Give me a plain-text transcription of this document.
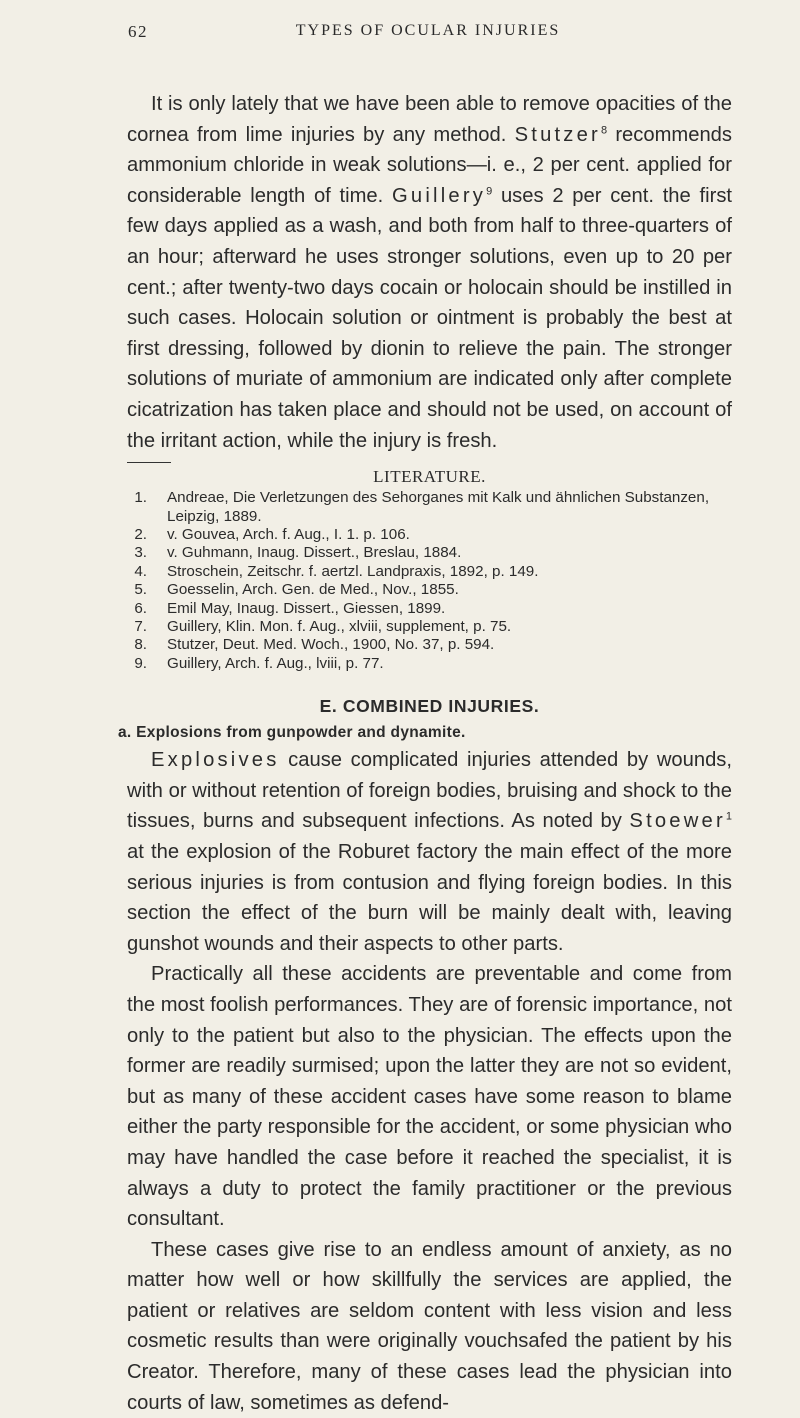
62	TYPES OF OCULAR INJURIES

It is only lately that we have been able to remove opacities of the cornea from lime injuries by any method. Stutzer$^8$ recommends ammonium chloride in weak solutions—i. e., 2 per cent. applied for considerable length of time. Guillery$^9$ uses 2 per cent. the first few days applied as a wash, and both from half to three-quarters of an hour; afterward he uses stronger solutions, even up to 20 per cent.; after twenty-two days cocain or holocain should be instilled in such cases. Holocain solution or ointment is probably the best at first dressing, followed by dionin to relieve the pain. The stronger solutions of muriate of ammonium are indicated only after complete cicatrization has taken place and should not be used, on account of the irritant action, while the injury is fresh.

LITERATURE.
1. Andreae, Die Verletzungen des Sehorganes mit Kalk und ähnlichen Substanzen, Leipzig, 1889.
2. v. Gouvea, Arch. f. Aug., I. 1. p. 106.
3. v. Guhmann, Inaug. Dissert., Breslau, 1884.
4. Stroschein, Zeitschr. f. aertzl. Landpraxis, 1892, p. 149.
5. Goesselin, Arch. Gen. de Med., Nov., 1855.
6. Emil May, Inaug. Dissert., Giessen, 1899.
7. Guillery, Klin. Mon. f. Aug., xlviii, supplement, p. 75.
8. Stutzer, Deut. Med. Woch., 1900, No. 37, p. 594.
9. Guillery, Arch. f. Aug., lviii, p. 77.
E. COMBINED INJURIES.
a. Explosions from gunpowder and dynamite.

Explosives cause complicated injuries attended by wounds, with or without retention of foreign bodies, bruising and shock to the tissues, burns and subsequent infections. As noted by Stoewer$^1$ at the explosion of the Roburet factory the main effect of the more serious injuries is from contusion and flying foreign bodies. In this section the effect of the burn will be mainly dealt with, leaving gunshot wounds and their aspects to other parts.

Practically all these accidents are preventable and come from the most foolish performances. They are of forensic importance, not only to the patient but also to the physician. The effects upon the former are readily surmised; upon the latter they are not so evident, but as many of these accident cases have some reason to blame either the party responsible for the accident, or some physician who may have handled the case before it reached the specialist, it is always a duty to protect the family practitioner or the previous consultant.

These cases give rise to an endless amount of anxiety, as no matter how well or how skillfully the services are applied, the patient or relatives are seldom content with less vision and less cosmetic results than were originally vouchsafed the patient by his Creator. Therefore, many of these cases lead the physician into courts of law, sometimes as defend-
